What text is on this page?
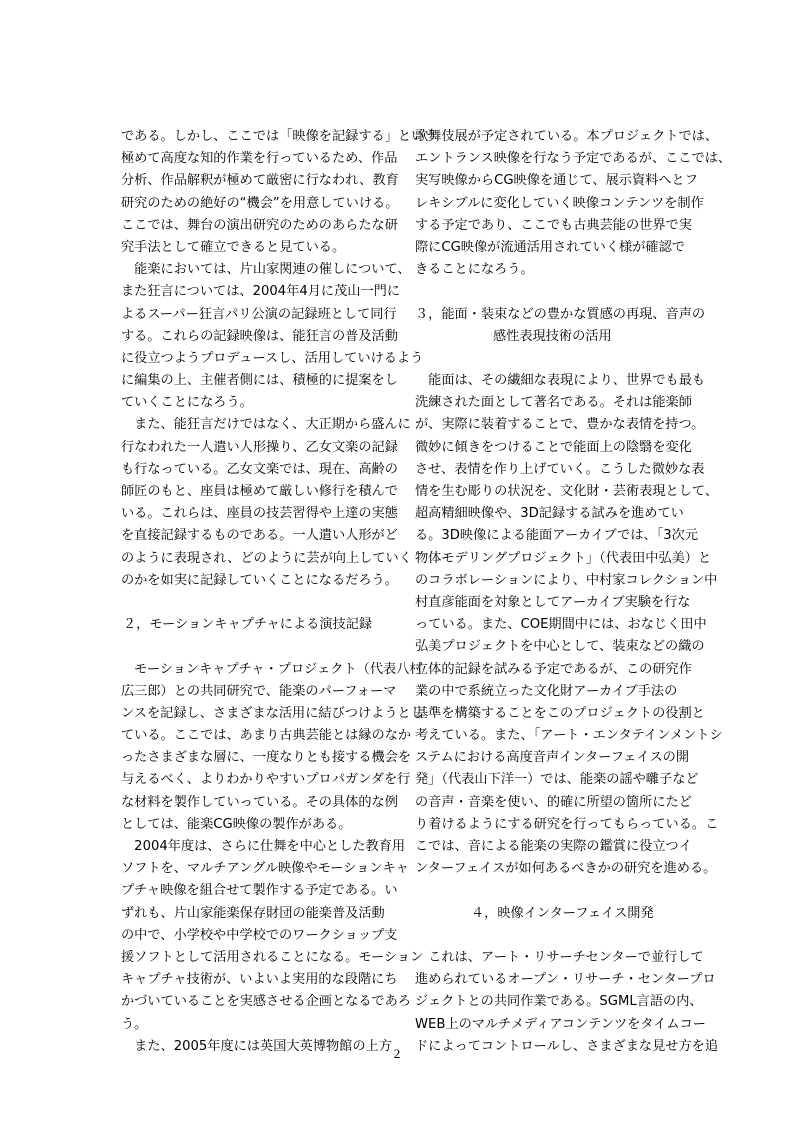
である。しかし、ここでは「映像を記録する」という
極めて高度な知的作業を行っているため、作品
分析、作品解釈が極めて厳密に行なわれ、教育
研究のための絶好の“機会”を用意していける。
ここでは、舞台の演出研究のためのあらたな研
究手法として確立できると見ている。
　能楽においては、片山家関連の催しについて、
また狂言については、2004年4月に茂山一門に
よるスーパー狂言パリ公演の記録班として同行
する。これらの記録映像は、能狂言の普及活動
に役立つようプロデュースし、活用していけるよう
に編集の上、主催者側には、積極的に提案をし
ていくことになろう。
　また、能狂言だけではなく、大正期から盛んに
行なわれた一人遣い人形操り、乙女文楽の記録
も行なっている。乙女文楽では、現在、高齢の
師匠のもと、座員は極めて厳しい修行を積んで
いる。これらは、座員の技芸習得や上達の実態
を直接記録するものである。一人遣い人形がど
のように表現され、どのように芸が向上していく
のかを如実に記録していくことになるだろう。
２，モーションキャプチャによる演技記録
　モーションキャプチャ・プロジェクト（代表八村
広三郎）との共同研究で、能楽のパーフォーマ
ンスを記録し、さまざまな活用に結びつけようとし
ている。ここでは、あまり古典芸能とは縁のなか
ったさまざまな層に、一度なりとも接する機会を
与えるべく、よりわかりやすいプロパガンダを行
な材料を製作していっている。その具体的な例
としては、能楽CG映像の製作がある。
　2004年度は、さらに仕舞を中心とした教育用
ソフトを、マルチアングル映像やモーションキャ
プチャ映像を組合せて製作する予定である。い
ずれも、片山家能楽保存財団の能楽普及活動
の中で、小学校や中学校でのワークショップ支
援ソフトとして活用されることになる。モーション
キャプチャ技術が、いよいよ実用的な段階にち
かづいていることを実感させる企画となるであろ
う。
　また、2005年度には英国大英博物館の上方
歌舞伎展が予定されている。本プロジェクトでは、
エントランス映像を行なう予定であるが、ここでは、
実写映像からCG映像を通じて、展示資料へとフ
レキシブルに変化していく映像コンテンツを制作
する予定であり、ここでも古典芸能の世界で実
際にCG映像が流通活用されていく様が確認で
きることになろう。
３，能面・装束などの豊かな質感の再現、音声の
感性表現技術の活用
　能面は、その繊細な表現により、世界でも最も
洗練された面として著名である。それは能楽師
が、実際に装着することで、豊かな表情を持つ。
微妙に傾きをつけることで能面上の陰翳を変化
させ、表情を作り上げていく。こうした微妙な表
情を生む彫りの状況を、文化財・芸術表現として、
超高精細映像や、3D記録する試みを進めてい
る。3D映像による能面アーカイブでは、「3次元
物体モデリングプロジェクト」（代表田中弘美）と
のコラボレーションにより、中村家コレクション中
村直彦能面を対象としてアーカイブ実験を行な
っている。また、COE期間中には、おなじく田中
弘美プロジェクトを中心として、装束などの織の
立体的記録を試みる予定であるが、この研究作
業の中で系統立った文化財アーカイブ手法の
基準を構築することをこのプロジェクトの役割と
考えている。また、「アート・エンタテインメントシ
ステムにおける高度音声インターフェイスの開
発」（代表山下洋一）では、能楽の謡や囃子など
の音声・音楽を使い、的確に所望の箇所にたど
り着けるようにする研究を行ってもらっている。こ
こでは、音による能楽の実際の鑑賞に役立つイ
ンターフェイスが如何あるべきかの研究を進める。
４，映像インターフェイス開発
　これは、アート・リサーチセンターで並行して
進められているオープン・リサーチ・センタープロ
ジェクトとの共同作業である。SGML言語の内、
WEB上のマルチメディアコンテンツをタイムコー
ドによってコントロールし、さまざまな見せ方を追
2
